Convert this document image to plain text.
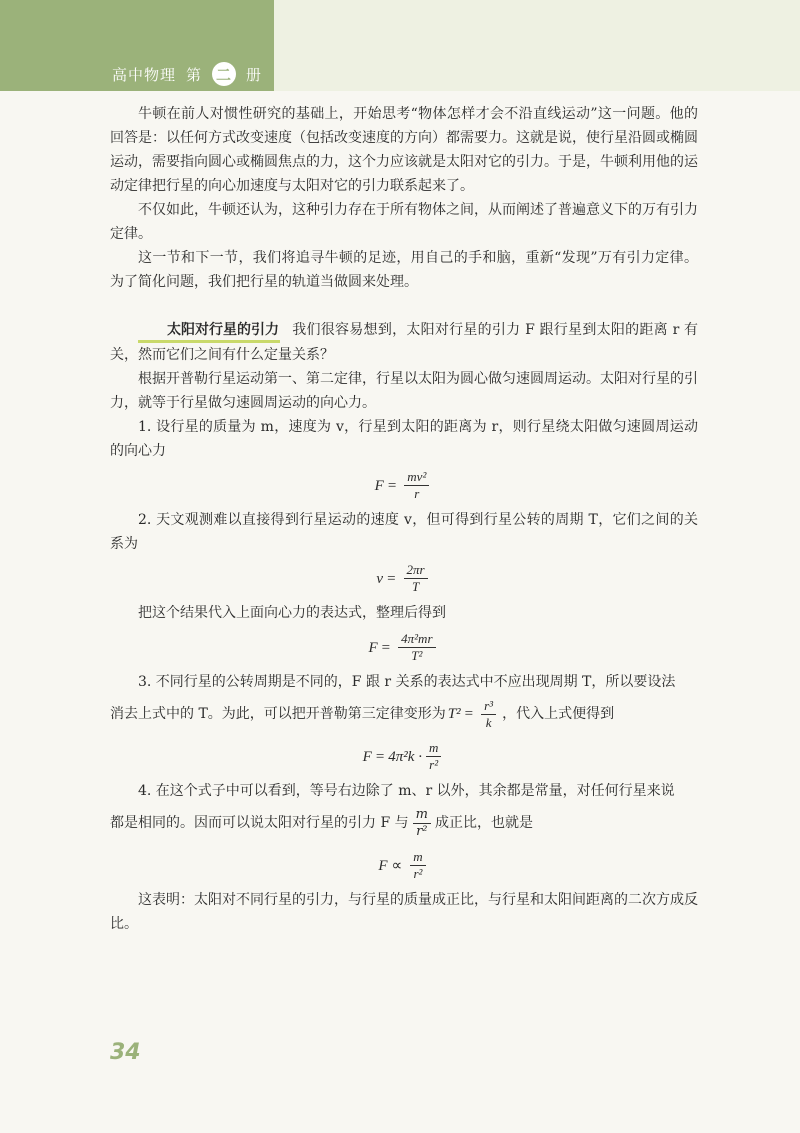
高中物理 第 二 册

牛顿在前人对惯性研究的基础上，开始思考“物体怎样才会不沿直线运动”这一问题。他的回答是：以任何方式改变速度（包括改变速度的方向）都需要力。这就是说，使行星沿圆或椭圆运动，需要指向圆心或椭圆焦点的力，这个力应该就是太阳对它的引力。于是，牛顿利用他的运动定律把行星的向心加速度与太阳对它的引力联系起来了。

不仅如此，牛顿还认为，这种引力存在于所有物体之间，从而阐述了普遍意义下的万有引力定律。

这一节和下一节，我们将追寻牛顿的足迹，用自己的手和脑，重新“发现”万有引力定律。为了简化问题，我们把行星的轨道当做圆来处理。

太阳对行星的引力 我们很容易想到，太阳对行星的引力 F 跟行星到太阳的距离 r 有关，然而它们之间有什么定量关系？

根据开普勒行星运动第一、第二定律，行星以太阳为圆心做匀速圆周运动。太阳对行星的引力，就等于行星做匀速圆周运动的向心力。

1. 设行星的质量为 m，速度为 v，行星到太阳的距离为 r，则行星绕太阳做匀速圆周运动的向心力

$F = \frac{\text{mv²}}{r}$

2. 天文观测难以直接得到行星运动的速度 v，但可得到行星公转的周期 T，它们之间的关系为

$v = \frac{2\pi r}{T}$

把这个结果代入上面向心力的表达式，整理后得到

$F = \frac{\text{4π²mr}}{\text{T²}}$

3. 不同行星的公转周期是不同的，F 跟 r 关系的表达式中不应出现周期 T，所以要设法

消去上式中的 T。为此，可以把开普勒第三定律变形为 $T^2 = \frac{\text{r³}}{k}$ ，代入上式便得到
$F = 4\pi^2k \cdot \frac{m}{\text{r²}}$

4. 在这个式子中可以看到，等号右边除了 m、r 以外，其余都是常量，对任何行星来说

都是相同的。因而可以说太阳对行星的引力 F 与 $\frac{m}{\text{r²}}$ 成正比，也就是
$F \propto \frac{m}{\text{r²}}$

这表明：太阳对不同行星的引力，与行星的质量成正比，与行星和太阳间距离的二次方成反比。

34
